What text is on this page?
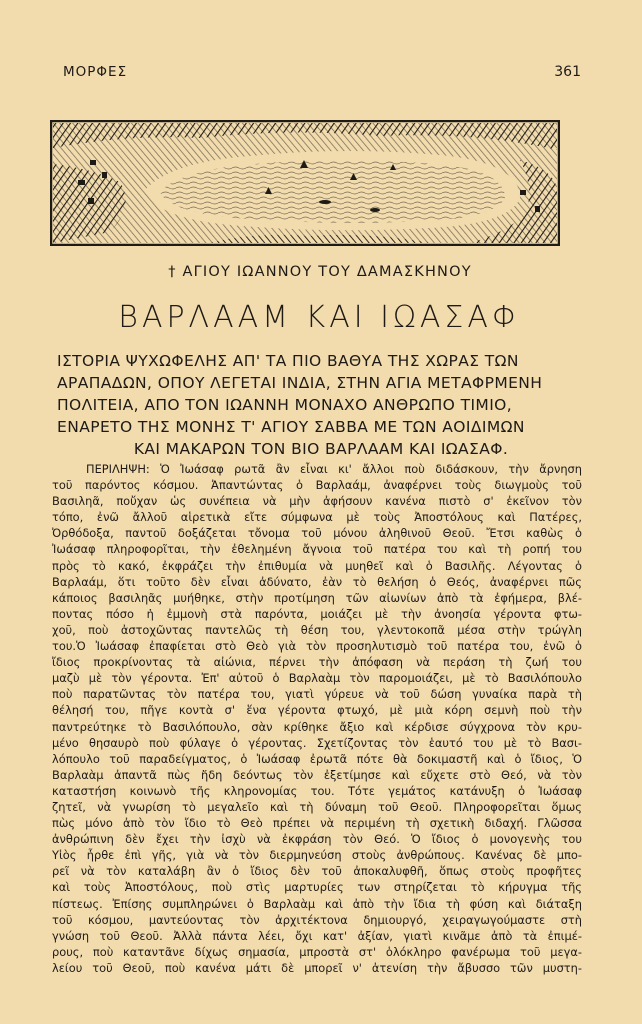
ΜΟΡΦΕΣ	361
† ΑΓΙΟΥ ΙΩΑΝΝΟΥ ΤΟΥ ΔΑΜΑΣΚΗΝΟΥ
ΒΑΡΛΑΑΜ ΚΑΙ ΙΩΑΣΑΦ
ΙΣΤΟΡΙΑ ΨΥΧΩΦΕΛΗΣ ΑΠ' ΤΑ ΠΙΟ ΒΑΘΥΑ ΤΗΣ ΧΩΡΑΣ ΤΩΝ
ΑΡΑΠΑΔΩΝ, ΟΠΟΥ ΛΕΓΕΤΑΙ ΙΝΔΙΑ, ΣΤΗΝ ΑΓΙΑ ΜΕΤΑΦΡΜΕΝΗ
ΠΟΛΙΤΕΙΑ, ΑΠΟ ΤΟΝ ΙΩΑΝΝΗ ΜΟΝΑΧΟ ΑΝΘΡΩΠΟ ΤΙΜΙΟ,
ΕΝΑΡΕΤΟ ΤΗΣ ΜΟΝΗΣ Τ' ΑΓΙΟΥ ΣΑΒΒΑ ΜΕ ΤΩΝ ΑΟΙΔΙΜΩΝ
ΚΑΙ ΜΑΚΑΡΩΝ ΤΟΝ ΒΙΟ ΒΑΡΛΑΑΜ ΚΑΙ ΙΩΑΣΑΦ.
ΠΕΡΙΛΗΨΗ: Ὁ Ἰωάσαφ ρωτᾶ ἂν εἶναι κι' ἄλλοι ποὺ διδάσκουν, τὴν ἄρνηση
τοῦ παρόντος κόσμου. Ἀπαντώντας ὁ Βαρλαάμ, ἀναφέρνει τοὺς διωγμοὺς τοῦ
Βασιληᾶ, ποὔχαν ὡς συνέπεια νὰ μὴν ἀφήσουν κανένα πιστὸ σ' ἐκεῖνον τὸν
τόπο, ἐνῶ ἄλλοῦ αἱρετικὰ εἴτε σύμφωνα μὲ τοὺς Ἀποστόλους καὶ Πατέρες,
Ὀρθόδοξα, παντοῦ δοξάζεται τὄνομα τοῦ μόνου ἀληθινοῦ Θεοῦ. Ἔτσι καθὼς ὁ
Ἰωάσαφ πληροφορῖται, τὴν ἐθελημένη ἄγνοια τοῦ πατέρα του καὶ τὴ ροπή του
πρὸς τὸ κακό, ἐκφράζει τὴν ἐπιθυμία νὰ μυηθεῖ καὶ ὁ Βασιλῆς. Λέγοντας ὁ
Βαρλαάμ, ὅτι τοῦτο δὲν εἶναι ἀδύνατο, ἐὰν τὸ θελήση ὁ Θεός, ἀναφέρνει πῶς
κάποιος βασιληᾶς μυήθηκε, στὴν προτίμηση τῶν αἰωνίων ἀπὸ τὰ ἐφήμερα, βλέ-
ποντας πόσο ἡ ἐμμονὴ στὰ παρόντα, μοιάζει μὲ τὴν ἀνοησία γέροντα φτω-
χοῦ, ποὺ ἀστοχῶντας παντελῶς τὴ θέση του, γλεντοκοπᾶ μέσα στὴν τρώγλη
του.Ὁ Ἰωάσαφ ἐπαφίεται στὸ Θεὸ γιὰ τὸν προσηλυτισμὸ τοῦ πατέρα του, ἐνῶ ὁ
ἴδιος προκρίνοντας τὰ αἰώνια, πέρνει τὴν ἀπόφαση νὰ περάση τὴ ζωή του
μαζὺ μὲ τὸν γέροντα. Ἐπ' αὐτοῦ ὁ Βαρλαὰμ τὸν παρομοιάζει, μὲ τὸ Βασιλόπουλο
ποὺ παρατῶντας τὸν πατέρα του, γιατὶ γύρευε νὰ τοῦ δώση γυναίκα παρὰ τὴ
θέλησή του, πῆγε κοντὰ σ' ἕνα γέροντα φτωχό, μὲ μιὰ κόρη σεμνὴ ποὺ τὴν
παντρεύτηκε τὸ Βασιλόπουλο, σὰν κρίθηκε ἄξιο καὶ κέρδισε σύγχρονα τὸν κρυ-
μένο θησαυρὸ ποὺ φύλαγε ὁ γέροντας. Σχετίζοντας τὸν ἑαυτό του μὲ τὸ Βασι-
λόπουλο τοῦ παραδείγματος, ὁ Ἰωάσαφ ἐρωτᾶ πότε θὰ δοκιμαστῆ καὶ ὁ ἴδιος, Ὁ
Βαρλαὰμ ἀπαντᾶ πὼς ἤδη δεόντως τὸν ἐξετίμησε καὶ εὔχετε στὸ Θεό, νὰ τὸν
καταστήση κοινωνὸ τῆς κληρονομίας του. Τότε γεμάτος κατάνυξη ὁ Ἰωάσαφ
ζητεῖ, νὰ γνωρίση τὸ μεγαλεῖο καὶ τὴ δύναμη τοῦ Θεοῦ. Πληροφορεῖται ὅμως
πὼς μόνο ἀπὸ τὸν ἴδιο τὸ Θεὸ πρέπει νὰ περιμένη τὴ σχετικὴ διδαχή. Γλῶσσα
ἀνθρώπινη δὲν ἔχει τὴν ἰσχὺ νὰ ἐκφράση τὸν Θεό. Ὁ ἴδιος ὁ μονογενὴς του
Υἱὸς ἦρθε ἐπὶ γῆς, γιὰ νὰ τὸν διερμηνεύση στοὺς ἀνθρώπους. Κανένας δὲ μπο-
ρεῖ νὰ τὸν καταλάβη ἂν ὁ ἴδιος δὲν τοῦ ἀποκαλυφθῆ, ὅπως στοὺς προφῆτες
καὶ τοὺς Ἀποστόλους, ποὺ στὶς μαρτυρίες των στηρίζεται τὸ κήρυγμα τῆς
πίστεως. Ἐπίσης συμπληρώνει ὁ Βαρλαὰμ καὶ ἀπὸ τὴν ἴδια τὴ φύση καὶ διάταξη
τοῦ κόσμου, μαντεύοντας τὸν ἀρχιτέκτονα δημιουργό, χειραγωγούμαστε στὴ
γνώση τοῦ Θεοῦ. Ἀλλὰ πάντα λέει, ὄχι κατ' ἀξίαν, γιατὶ κινᾶμε ἀπὸ τὰ ἐπιμέ-
ρους, ποὺ καταντᾶνε δίχως σημασία, μπροστὰ στ' ὁλόκληρο φανέρωμα τοῦ μεγα-
λείου τοῦ Θεοῦ, ποὺ κανένα μάτι δὲ μπορεῖ ν' ἀτενίση τὴν ἄβυσσο τῶν μυστη-
